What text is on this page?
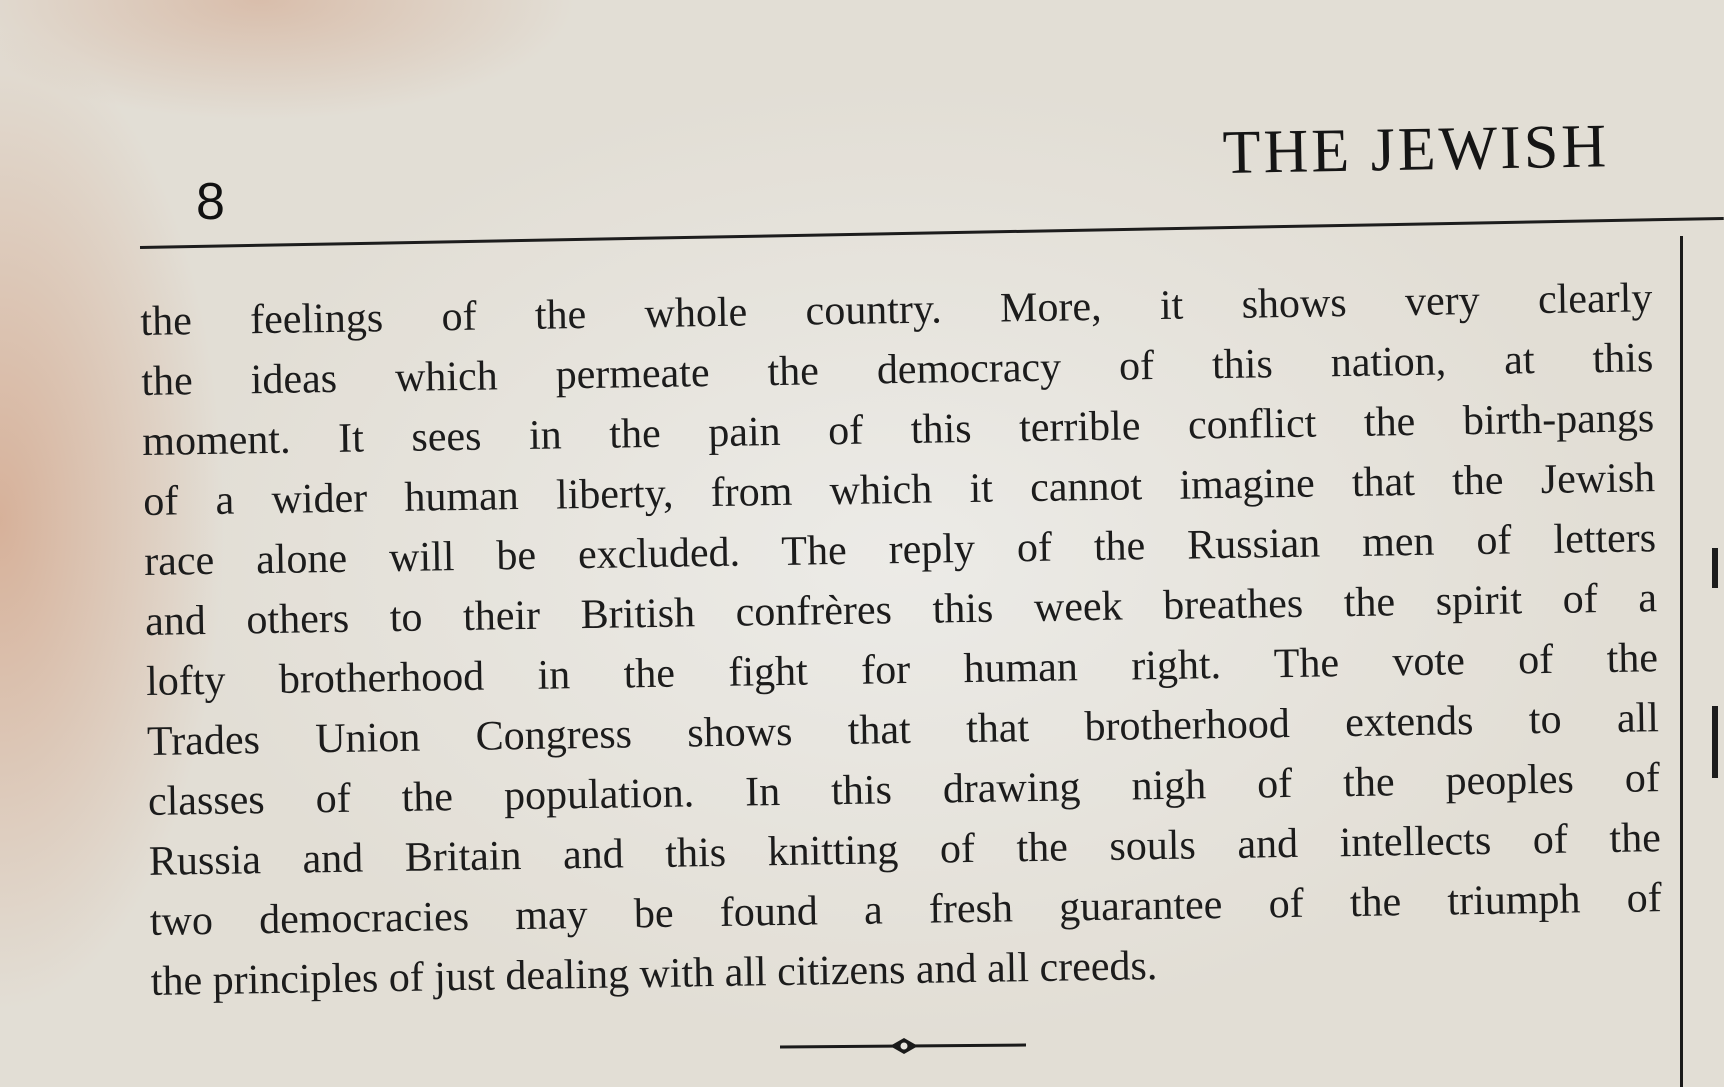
8
THE JEWISH
the feelings of the whole country. More, it shows very clearly
the ideas which permeate the democracy of this nation, at this
moment. It sees in the pain of this terrible conflict the birth-pangs
of a wider human liberty, from which it cannot imagine that the Jewish
race alone will be excluded. The reply of the Russian men of letters
and others to their British confrères this week breathes the spirit of a
lofty brotherhood in the fight for human right. The vote of the
Trades Union Congress shows that that brotherhood extends to all
classes of the population. In this drawing nigh of the peoples of
Russia and Britain and this knitting of the souls and intellects of the
two democracies may be found a fresh guarantee of the triumph of
the principles of just dealing with all citizens and all creeds.
